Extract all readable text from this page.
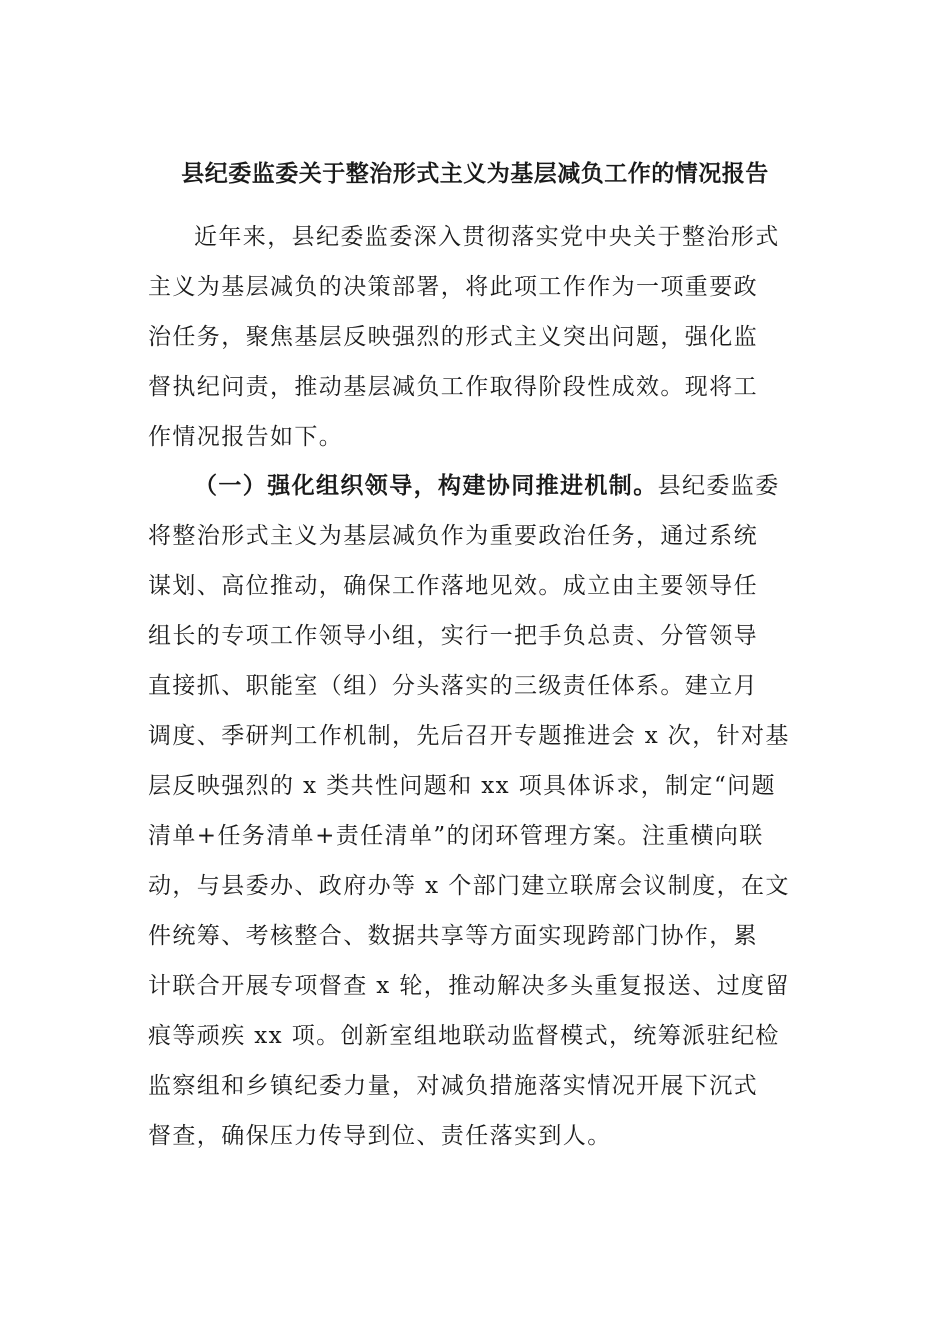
县纪委监委关于整治形式主义为基层减负工作的情况报告
近年来，县纪委监委深入贯彻落实党中央关于整治形式
主义为基层减负的决策部署，将此项工作作为一项重要政
治任务，聚焦基层反映强烈的形式主义突出问题，强化监
督执纪问责，推动基层减负工作取得阶段性成效。现将工
作情况报告如下。
（一）强化组织领导，构建协同推进机制。县纪委监委
将整治形式主义为基层减负作为重要政治任务，通过系统
谋划、高位推动，确保工作落地见效。成立由主要领导任
组长的专项工作领导小组，实行一把手负总责、分管领导
直接抓、职能室（组）分头落实的三级责任体系。建立月
调度、季研判工作机制，先后召开专题推进会 x 次，针对基
层反映强烈的 x 类共性问题和 xx 项具体诉求，制定“问题
清单+任务清单+责任清单”的闭环管理方案。注重横向联
动，与县委办、政府办等 x 个部门建立联席会议制度，在文
件统筹、考核整合、数据共享等方面实现跨部门协作，累
计联合开展专项督查 x 轮，推动解决多头重复报送、过度留
痕等顽疾 xx 项。创新室组地联动监督模式，统筹派驻纪检
监察组和乡镇纪委力量，对减负措施落实情况开展下沉式
督查，确保压力传导到位、责任落实到人。
